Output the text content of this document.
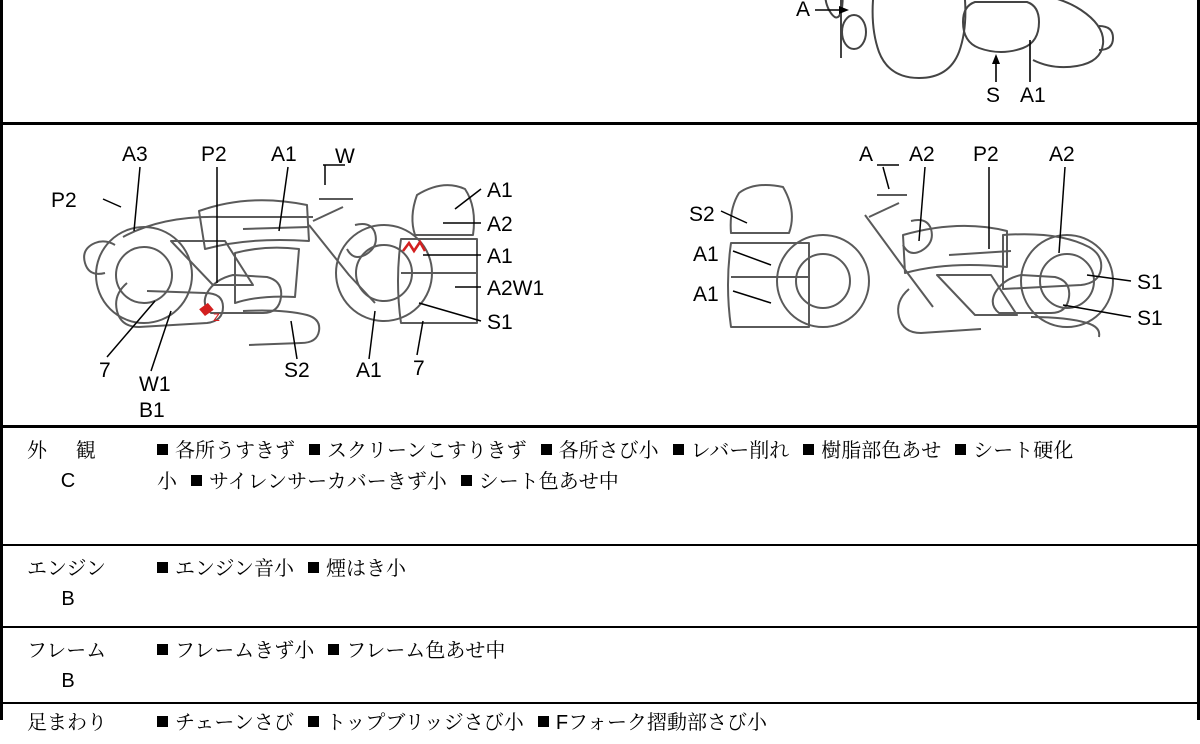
A
S A1
z
A3	P2 A1 W
P2	A1
A2
A1
A2W1
S1
7
W1
B1
S2 A1 7
A A2 P2 A2
S2
A1
A1
S1
S1
外　観
C
各所うすきず スクリーンこすりきず 各所さび小 レバー削れ 樹脂部色あせ シート硬化
小 サイレンサーカバーきず小 シート色あせ中
エンジン
B
エンジン音小 煙はき小
フレーム
B
フレームきず小 フレーム色あせ中
足まわり	チェーンさび トップブリッジさび小 Fフォーク摺動部さび小
